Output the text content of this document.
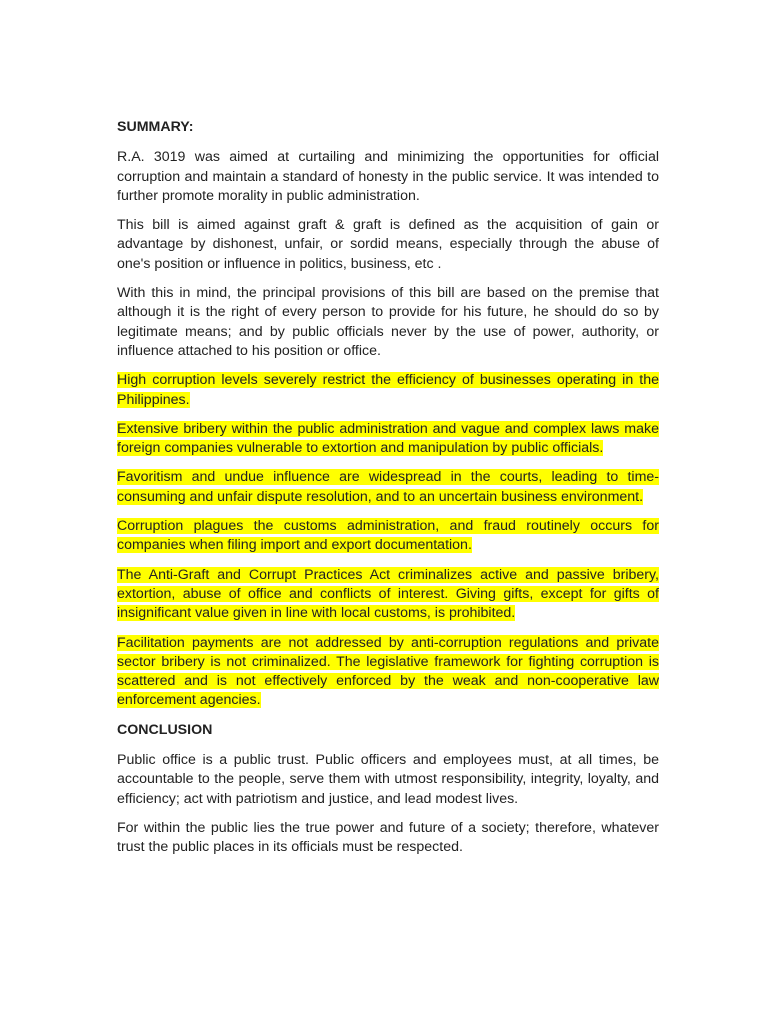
SUMMARY:

R.A. 3019 was aimed at curtailing and minimizing the opportunities for official corruption and maintain a standard of honesty in the public service. It was intended to further promote morality in public administration.

This bill is aimed against graft & graft is defined as the acquisition of gain or advantage by dishonest, unfair, or sordid means, especially through the abuse of one's position or influence in politics, business, etc .

With this in mind, the principal provisions of this bill are based on the premise that although it is the right of every person to provide for his future, he should do so by legitimate means; and by public officials never by the use of power, authority, or influence attached to his position or office.

High corruption levels severely restrict the efficiency of businesses operating in the Philippines.

Extensive bribery within the public administration and vague and complex laws make foreign companies vulnerable to extortion and manipulation by public officials.

Favoritism and undue influence are widespread in the courts, leading to time-consuming and unfair dispute resolution, and to an uncertain business environment.

Corruption plagues the customs administration, and fraud routinely occurs for companies when filing import and export documentation.

The Anti-Graft and Corrupt Practices Act criminalizes active and passive bribery, extortion, abuse of office and conflicts of interest. Giving gifts, except for gifts of insignificant value given in line with local customs, is prohibited.

Facilitation payments are not addressed by anti-corruption regulations and private sector bribery is not criminalized. The legislative framework for fighting corruption is scattered and is not effectively enforced by the weak and non-cooperative law enforcement agencies.

CONCLUSION

Public office is a public trust. Public officers and employees must, at all times, be accountable to the people, serve them with utmost responsibility, integrity, loyalty, and efficiency; act with patriotism and justice, and lead modest lives.

For within the public lies the true power and future of a society; therefore, whatever trust the public places in its officials must be respected.
